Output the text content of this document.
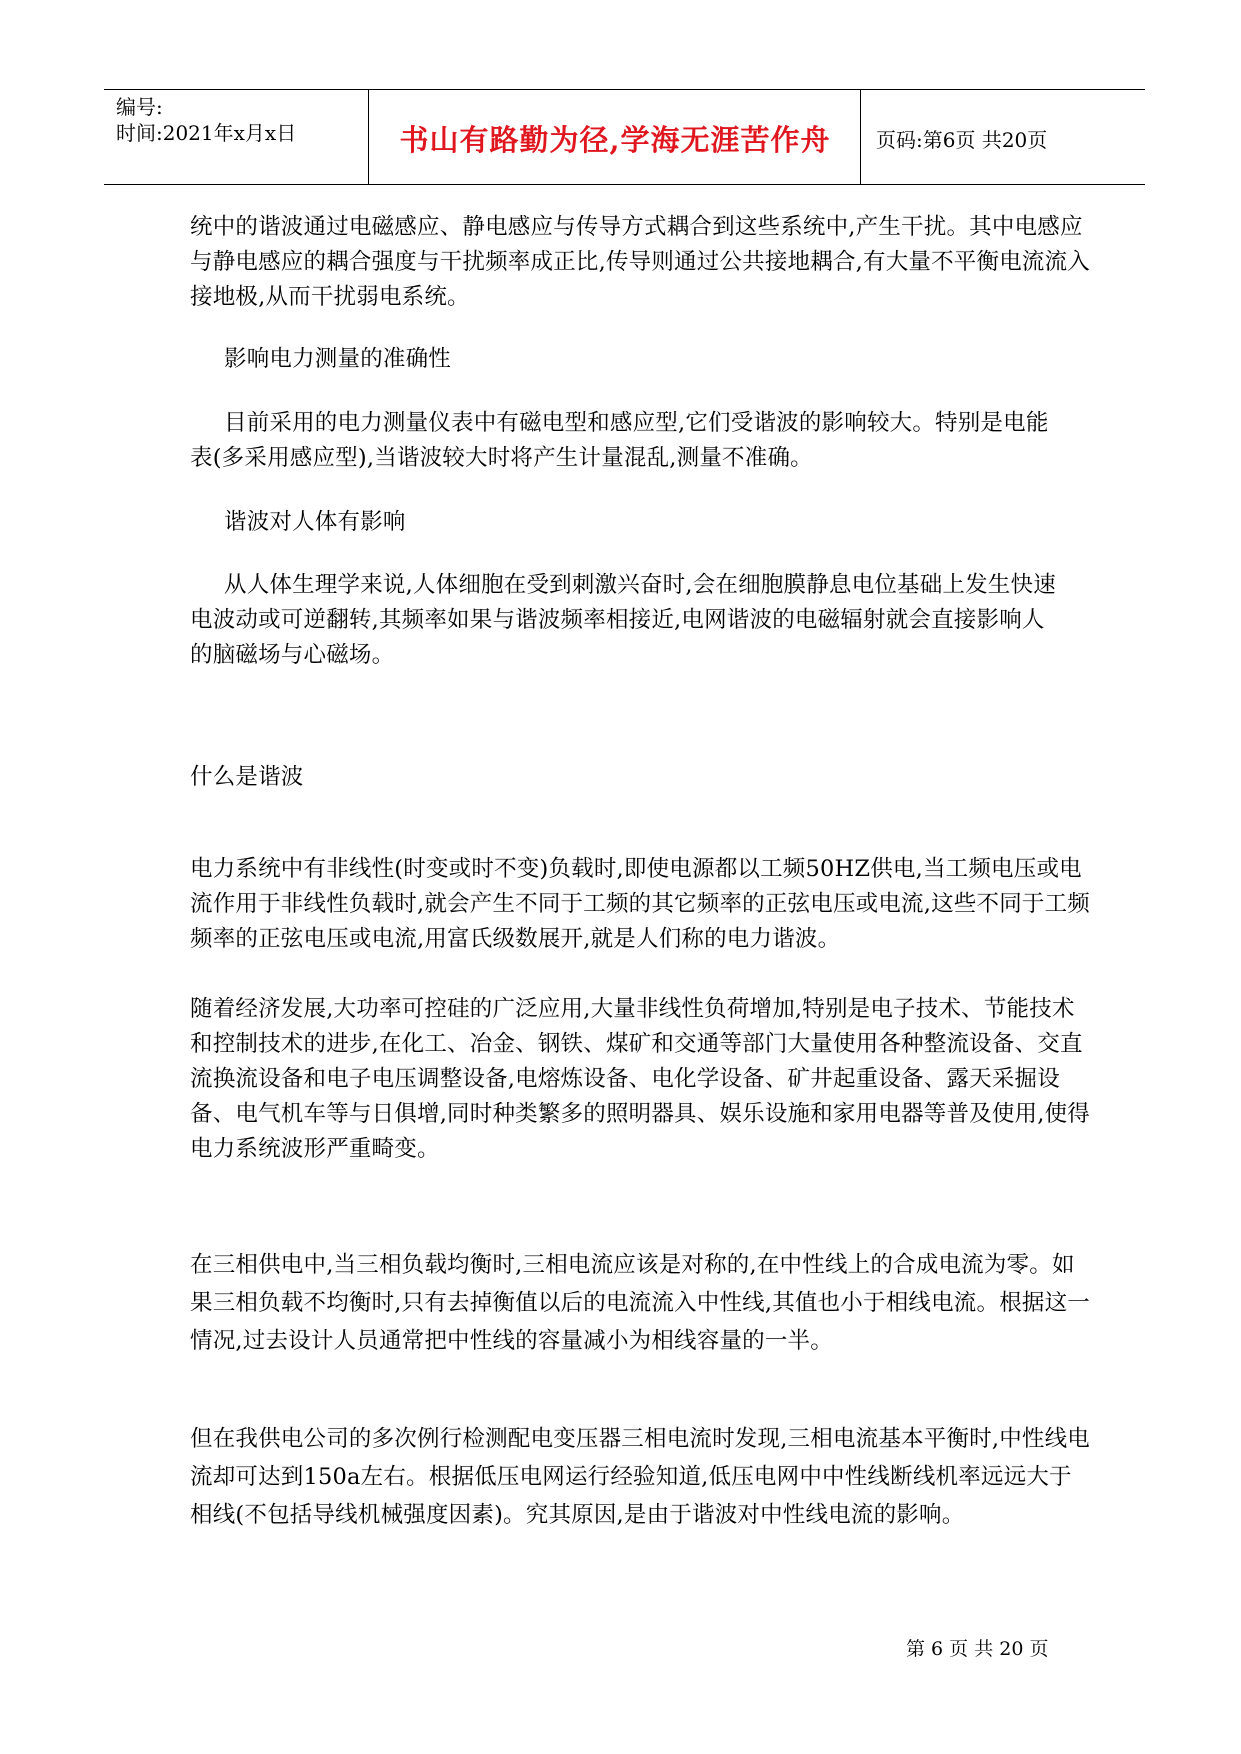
编号:
时间:2021年x月x日	书山有路勤为径,学海无涯苦作舟	页码:第6页 共20页

统中的谐波通过电磁感应、静电感应与传导方式耦合到这些系统中,产生干扰。其中电感应与静电感应的耦合强度与干扰频率成正比,传导则通过公共接地耦合,有大量不平衡电流流入接地极,从而干扰弱电系统。

影响电力测量的准确性

目前采用的电力测量仪表中有磁电型和感应型,它们受谐波的影响较大。特别是电能表(多采用感应型),当谐波较大时将产生计量混乱,测量不准确。

谐波对人体有影响

从人体生理学来说,人体细胞在受到刺激兴奋时,会在细胞膜静息电位基础上发生快速电波动或可逆翻转,其频率如果与谐波频率相接近,电网谐波的电磁辐射就会直接影响人的脑磁场与心磁场。

什么是谐波

电力系统中有非线性(时变或时不变)负载时,即使电源都以工频50HZ供电,当工频电压或电流作用于非线性负载时,就会产生不同于工频的其它频率的正弦电压或电流,这些不同于工频频率的正弦电压或电流,用富氏级数展开,就是人们称的电力谐波。

随着经济发展,大功率可控硅的广泛应用,大量非线性负荷增加,特别是电子技术、节能技术和控制技术的进步,在化工、冶金、钢铁、煤矿和交通等部门大量使用各种整流设备、交直流换流设备和电子电压调整设备,电熔炼设备、电化学设备、矿井起重设备、露天采掘设备、电气机车等与日俱增,同时种类繁多的照明器具、娱乐设施和家用电器等普及使用,使得电力系统波形严重畸变。

在三相供电中,当三相负载均衡时,三相电流应该是对称的,在中性线上的合成电流为零。如果三相负载不均衡时,只有去掉衡值以后的电流流入中性线,其值也小于相线电流。根据这一情况,过去设计人员通常把中性线的容量减小为相线容量的一半。

但在我供电公司的多次例行检测配电变压器三相电流时发现,三相电流基本平衡时,中性线电流却可达到150a左右。根据低压电网运行经验知道,低压电网中中性线断线机率远远大于相线(不包括导线机械强度因素)。究其原因,是由于谐波对中性线电流的影响。

第 6 页 共 20 页
